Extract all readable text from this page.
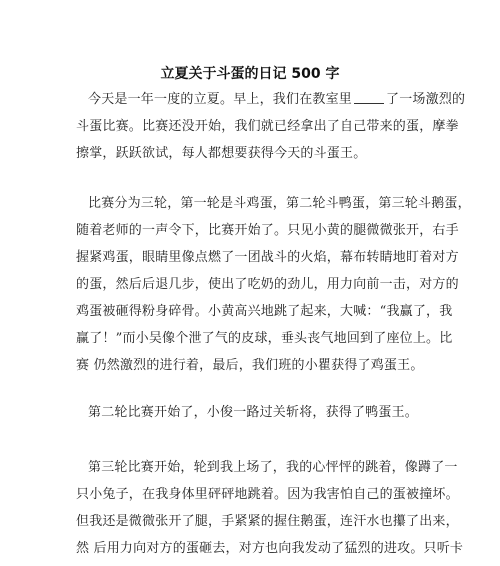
立夏关于斗蛋的日记 500 字
今天是一年一度的立夏。早上，我们在教室里	了一场激烈的
斗蛋比赛。比赛还没开始，我们就已经拿出了自己带来的蛋，摩拳
擦掌，跃跃欲试，每人都想要获得今天的斗蛋王。
比赛分为三轮，第一轮是斗鸡蛋，第二轮斗鸭蛋，第三轮斗鹅蛋，
随着老师的一声令下，比赛开始了。只见小黄的腿微微张开，右手
握紧鸡蛋，眼睛里像点燃了一团战斗的火焰，幕布转睛地盯着对方
的蛋，然后后退几步，使出了吃奶的劲儿，用力向前一击，对方的
鸡蛋被砸得粉身碎骨。小黄高兴地跳了起来，大喊：“我赢了，我
赢了！”而小吴像个泄了气的皮球，垂头丧气地回到了座位上。比
赛 仍然激烈的进行着，最后，我们班的小瞿获得了鸡蛋王。
第二轮比赛开始了，小俊一路过关斩将，获得了鸭蛋王。
第三轮比赛开始，轮到我上场了，我的心怦怦的跳着，像蹲了一
只小兔子，在我身体里砰砰地跳着。因为我害怕自己的蛋被撞坏。
但我还是微微张开了腿，手紧紧的握住鹅蛋，连汗水也攥了出来，
然 后用力向对方的蛋砸去，对方也向我发动了猛烈的进攻。只听卡
